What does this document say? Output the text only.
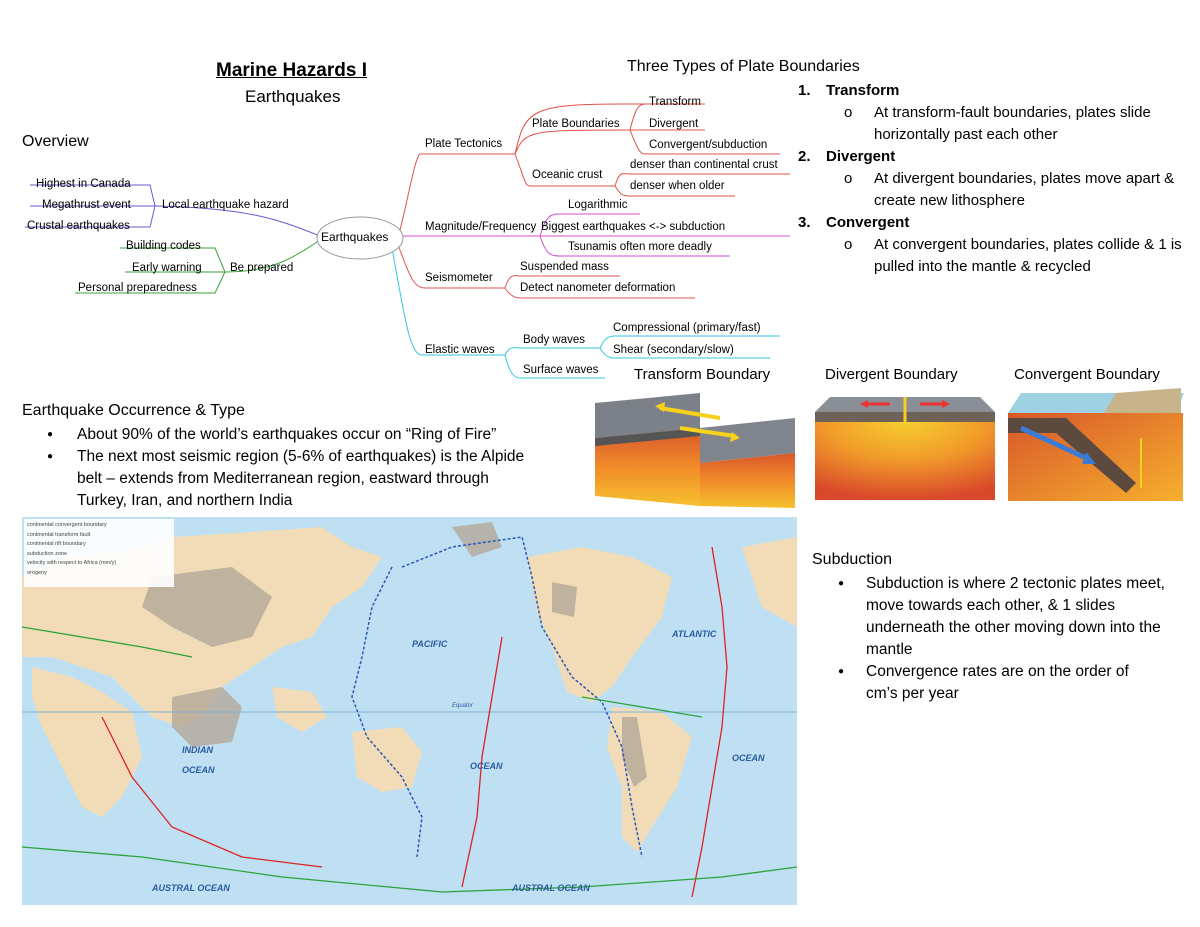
Marine Hazards I
Earthquakes
Overview
Earthquakes
Local earthquake hazard
Highest in Canada
Megathrust event
Crustal earthquakes
Be prepared
Building codes
Early warning
Personal preparedness
Plate Tectonics
Plate Boundaries
Transform
Divergent
Convergent/subduction
Oceanic crust
denser than continental crust
denser when older
Magnitude/Frequency
Logarithmic
Biggest earthquakes <-> subduction
Tsunamis often more deadly
Seismometer
Suspended mass
Detect nanometer deformation
Elastic waves
Body waves
Compressional (primary/fast)
Shear (secondary/slow)
Surface waves
Three Types of Plate Boundaries
1. Transform
o At transform-fault boundaries, plates slide horizontally past each other
2. Divergent
o At divergent boundaries, plates move apart & create new lithosphere
3. Convergent
o At convergent boundaries, plates collide & 1 is pulled into the mantle & recycled
Transform Boundary	Divergent Boundary	Convergent Boundary
Earthquake Occurrence & Type
● About 90% of the world’s earthquakes occur on “Ring of Fire”
● The next most seismic region (5-6% of earthquakes) is the Alpide belt – extends from Mediterranean region, eastward through Turkey, Iran, and northern India
continental convergent boundary
continental transform fault
continental rift boundary
subduction zone
velocity with respect to Africa (mm/y)
orogeny
PACIFIC
ATLANTIC
INDIAN
OCEAN	OCEAN
OCEAN
AUSTRAL OCEAN	AUSTRAL OCEAN
Equator
Subduction
● Subduction is where 2 tectonic plates meet, move towards each other, & 1 slides underneath the other moving down into the mantle
● Convergence rates are on the order of cm’s per year
